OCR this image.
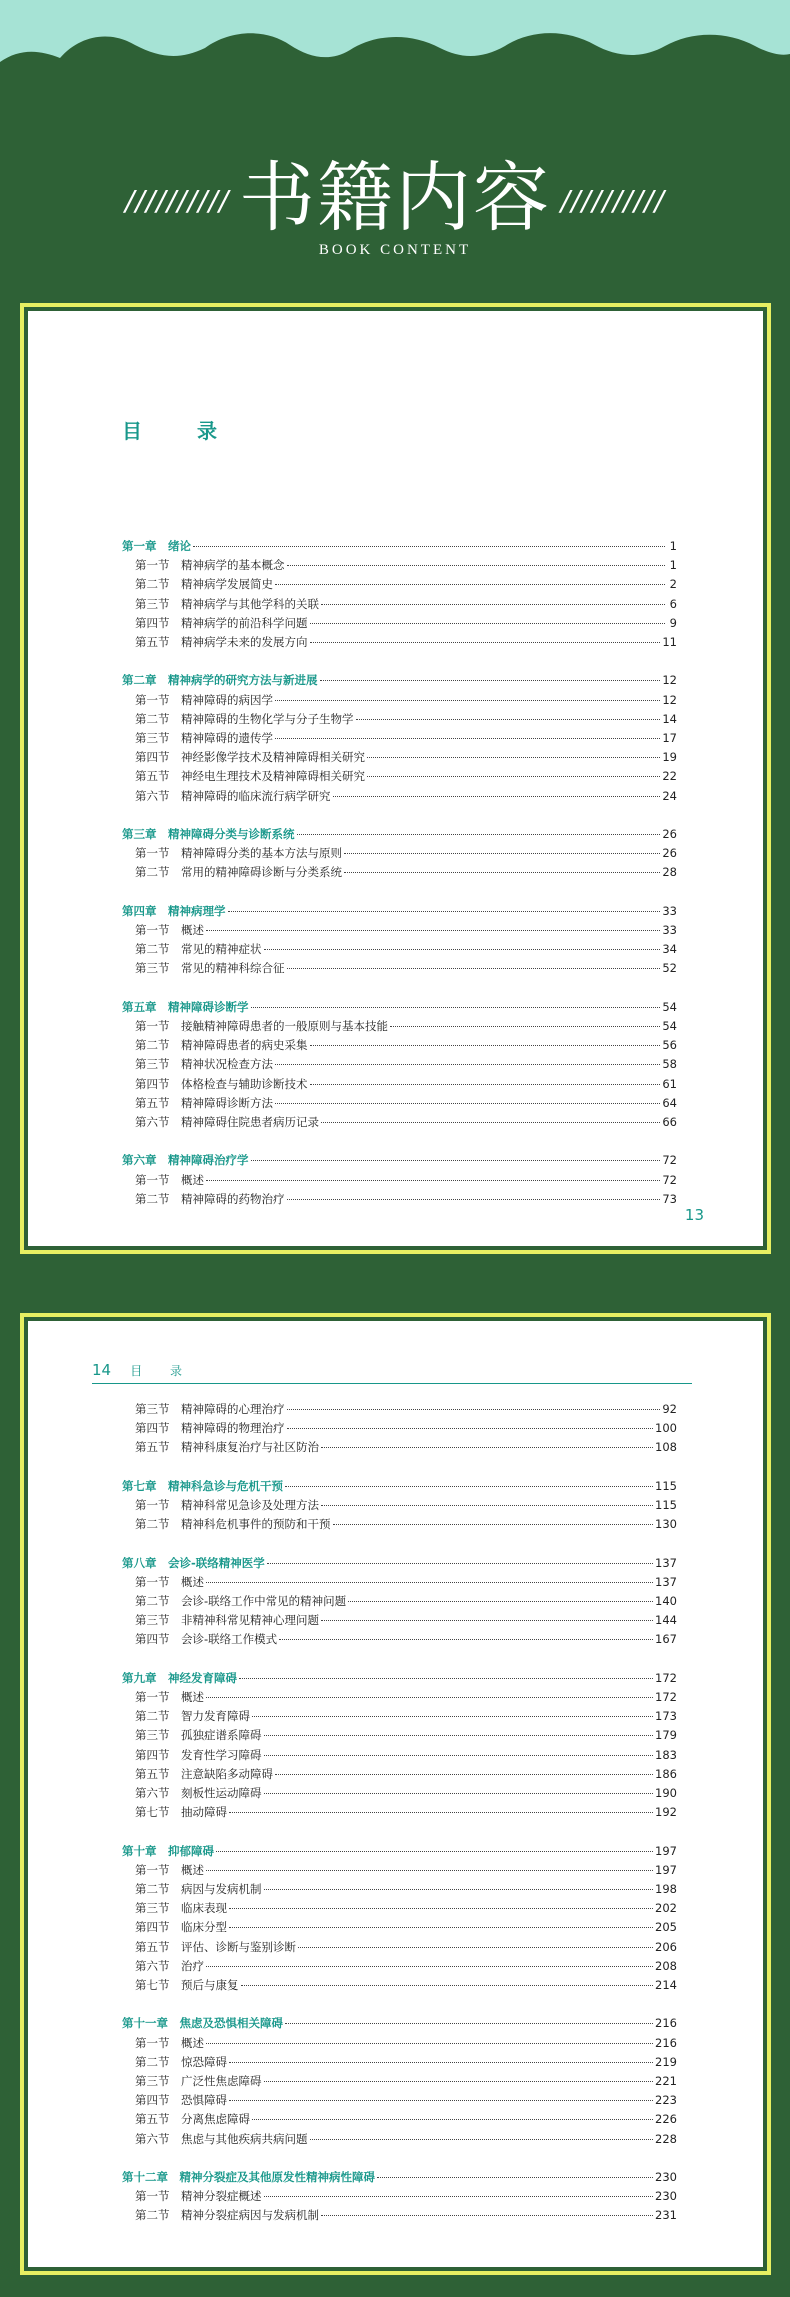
////////// 书籍内容 //////////
BOOK CONTENT
目 录
第一章　绪论	1
第一节　精神病学的基本概念	1
第二节　精神病学发展简史	2
第三节　精神病学与其他学科的关联	6
第四节　精神病学的前沿科学问题	9
第五节　精神病学未来的发展方向	11
第二章　精神病学的研究方法与新进展	12
第一节　精神障碍的病因学	12
第二节　精神障碍的生物化学与分子生物学	14
第三节　精神障碍的遗传学	17
第四节　神经影像学技术及精神障碍相关研究	19
第五节　神经电生理技术及精神障碍相关研究	22
第六节　精神障碍的临床流行病学研究	24
第三章　精神障碍分类与诊断系统	26
第一节　精神障碍分类的基本方法与原则	26
第二节　常用的精神障碍诊断与分类系统	28
第四章　精神病理学	33
第一节　概述	33
第二节　常见的精神症状	34
第三节　常见的精神科综合征	52
第五章　精神障碍诊断学	54
第一节　接触精神障碍患者的一般原则与基本技能	54
第二节　精神障碍患者的病史采集	56
第三节　精神状况检查方法	58
第四节　体格检查与辅助诊断技术	61
第五节　精神障碍诊断方法	64
第六节　精神障碍住院患者病历记录	66
第六章　精神障碍治疗学	72
第一节　概述	72
第二节　精神障碍的药物治疗	73
13
14 目 录
第三节　精神障碍的心理治疗	92
第四节　精神障碍的物理治疗	100
第五节　精神科康复治疗与社区防治	108
第七章　精神科急诊与危机干预	115
第一节　精神科常见急诊及处理方法	115
第二节　精神科危机事件的预防和干预	130
第八章　会诊-联络精神医学	137
第一节　概述	137
第二节　会诊-联络工作中常见的精神问题	140
第三节　非精神科常见精神心理问题	144
第四节　会诊-联络工作模式	167
第九章　神经发育障碍	172
第一节　概述	172
第二节　智力发育障碍	173
第三节　孤独症谱系障碍	179
第四节　发育性学习障碍	183
第五节　注意缺陷多动障碍	186
第六节　刻板性运动障碍	190
第七节　抽动障碍	192
第十章　抑郁障碍	197
第一节　概述	197
第二节　病因与发病机制	198
第三节　临床表现	202
第四节　临床分型	205
第五节　评估、诊断与鉴别诊断	206
第六节　治疗	208
第七节　预后与康复	214
第十一章　焦虑及恐惧相关障碍	216
第一节　概述	216
第二节　惊恐障碍	219
第三节　广泛性焦虑障碍	221
第四节　恐惧障碍	223
第五节　分离焦虑障碍	226
第六节　焦虑与其他疾病共病问题	228
第十二章　精神分裂症及其他原发性精神病性障碍	230
第一节　精神分裂症概述	230
第二节　精神分裂症病因与发病机制	231
